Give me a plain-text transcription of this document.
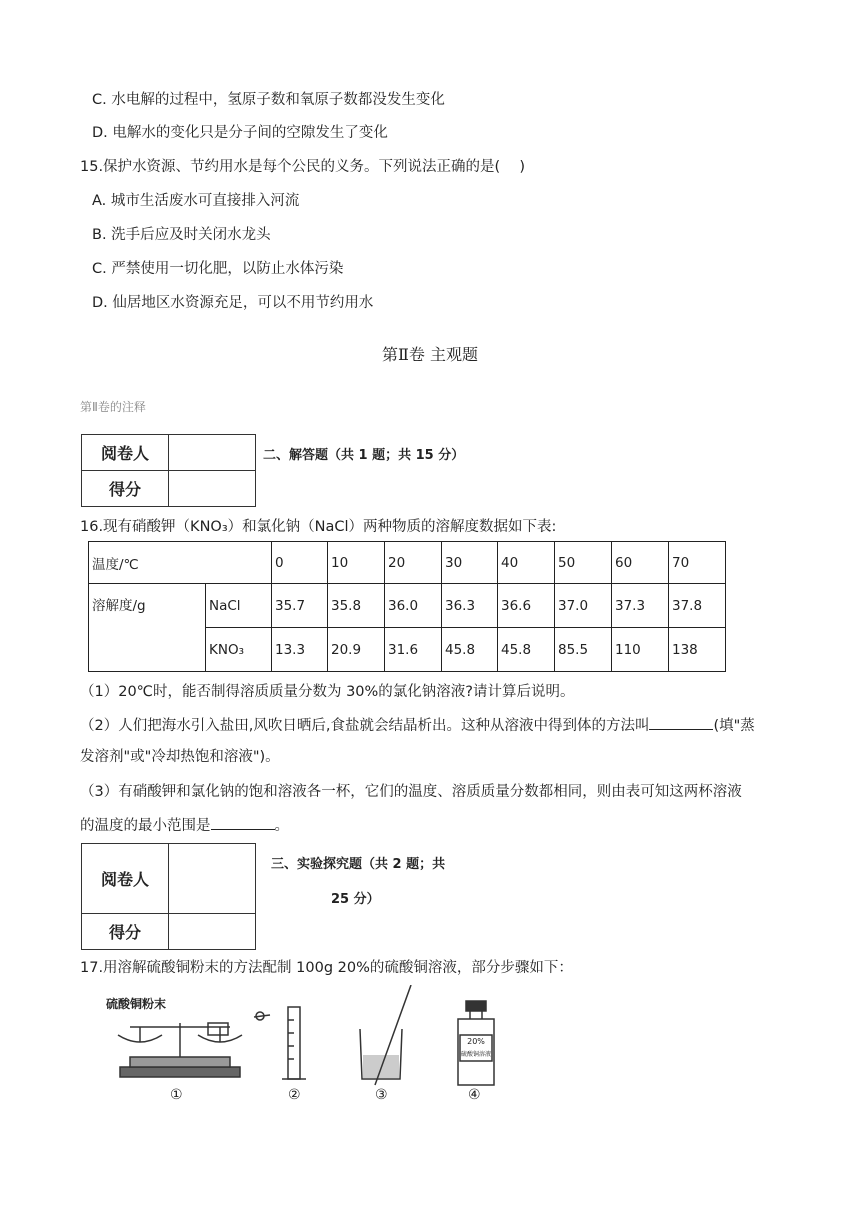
C. 水电解的过程中，氢原子数和氧原子数都没发生变化
D. 电解水的变化只是分子间的空隙发生了变化
15.保护水资源、节约用水是每个公民的义务。下列说法正确的是(　 )
A. 城市生活废水可直接排入河流
B. 洗手后应及时关闭水龙头
C. 严禁使用一切化肥，以防止水体污染
D. 仙居地区水资源充足，可以不用节约用水
第Ⅱ卷 主观题
第Ⅱ卷的注释
阅卷人	
得分	
二、解答题（共 1 题；共 15 分）
16.现有硝酸钾（KNO₃）和氯化钠（NaCl）两种物质的溶解度数据如下表:
温度/℃		0	10	20	30	40	50	60	70
溶解度/g	NaCl	35.7	35.8	36.0	36.3	36.6	37.0	37.3	37.8
	KNO₃	13.3	20.9	31.6	45.8	45.8	85.5	110	138
（1）20℃时，能否制得溶质质量分数为 30%的氯化钠溶液?请计算后说明。
（2）人们把海水引入盐田,风吹日晒后,食盐就会结晶析出。这种从溶液中得到体的方法叫	(填"蒸
发溶剂"或"冷却热饱和溶液")。
（3）有硝酸钾和氯化钠的饱和溶液各一杯，它们的温度、溶质质量分数都相同，则由表可知这两杯溶液
的温度的最小范围是	。
阅卷人	
得分	
三、实验探究题（共 2 题；共
25 分）
17.用溶解硫酸铜粉末的方法配制 100g 20%的硫酸铜溶液，部分步骤如下：
硫酸铜粉末
20%
硫酸铜溶液
①	②	③	④
